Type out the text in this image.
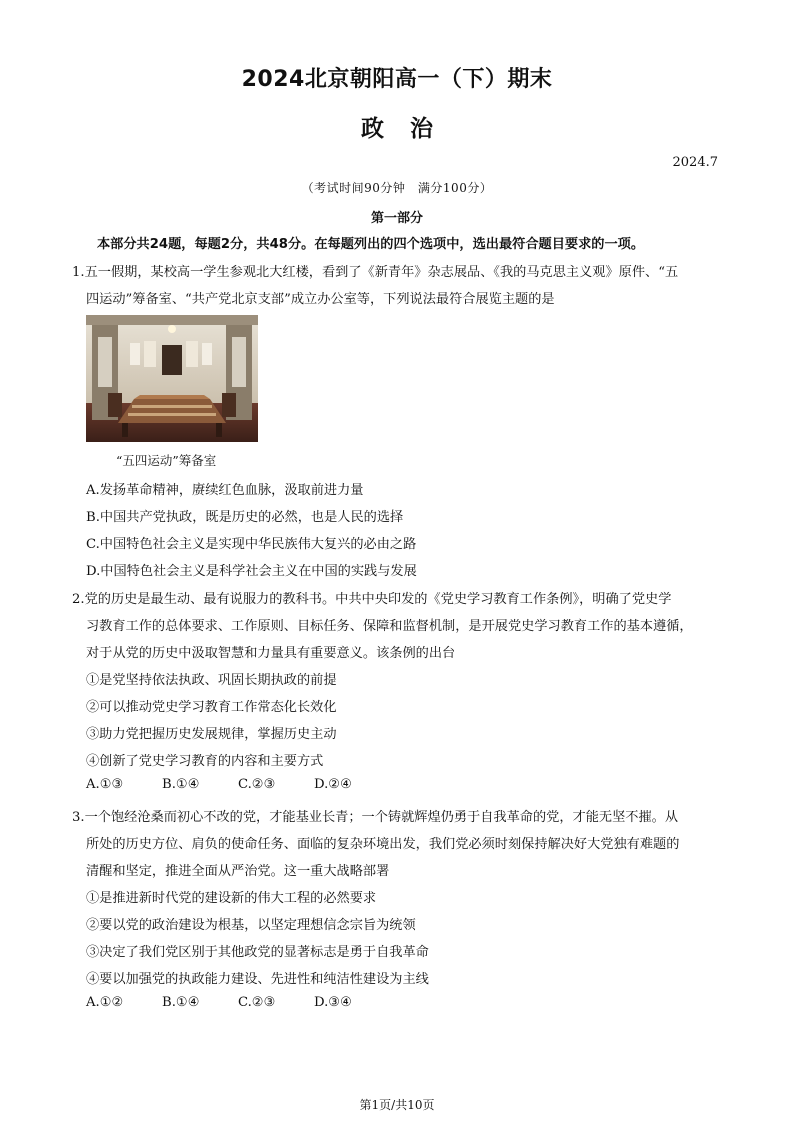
2024北京朝阳高一（下）期末
政治
2024.7
（考试时间90分钟　满分100分）
第一部分
本部分共24题，每题2分，共48分。在每题列出的四个选项中，选出最符合题目要求的一项。
1.五一假期，某校高一学生参观北大红楼，看到了《新青年》杂志展品、《我的马克思主义观》原件、“五
四运动”筹备室、“共产党北京支部”成立办公室等，下列说法最符合展览主题的是
“五四运动”筹备室
A.发扬革命精神，赓续红色血脉，汲取前进力量
B.中国共产党执政，既是历史的必然，也是人民的选择
C.中国特色社会主义是实现中华民族伟大复兴的必由之路
D.中国特色社会主义是科学社会主义在中国的实践与发展
2.党的历史是最生动、最有说服力的教科书。中共中央印发的《党史学习教育工作条例》，明确了党史学
习教育工作的总体要求、工作原则、目标任务、保障和监督机制，是开展党史学习教育工作的基本遵循，
对于从党的历史中汲取智慧和力量具有重要意义。该条例的出台
①是党坚持依法执政、巩固长期执政的前提
②可以推动党史学习教育工作常态化长效化
③助力党把握历史发展规律，掌握历史主动
④创新了党史学习教育的内容和主要方式
A.①③	B.①④	C.②③	D.②④
3.一个饱经沧桑而初心不改的党，才能基业长青；一个铸就辉煌仍勇于自我革命的党，才能无坚不摧。从
所处的历史方位、肩负的使命任务、面临的复杂环境出发，我们党必须时刻保持解决好大党独有难题的
清醒和坚定，推进全面从严治党。这一重大战略部署
①是推进新时代党的建设新的伟大工程的必然要求
②要以党的政治建设为根基，以坚定理想信念宗旨为统领
③决定了我们党区别于其他政党的显著标志是勇于自我革命
④要以加强党的执政能力建设、先进性和纯洁性建设为主线
A.①②	B.①④	C.②③	D.③④
第1页/共10页
